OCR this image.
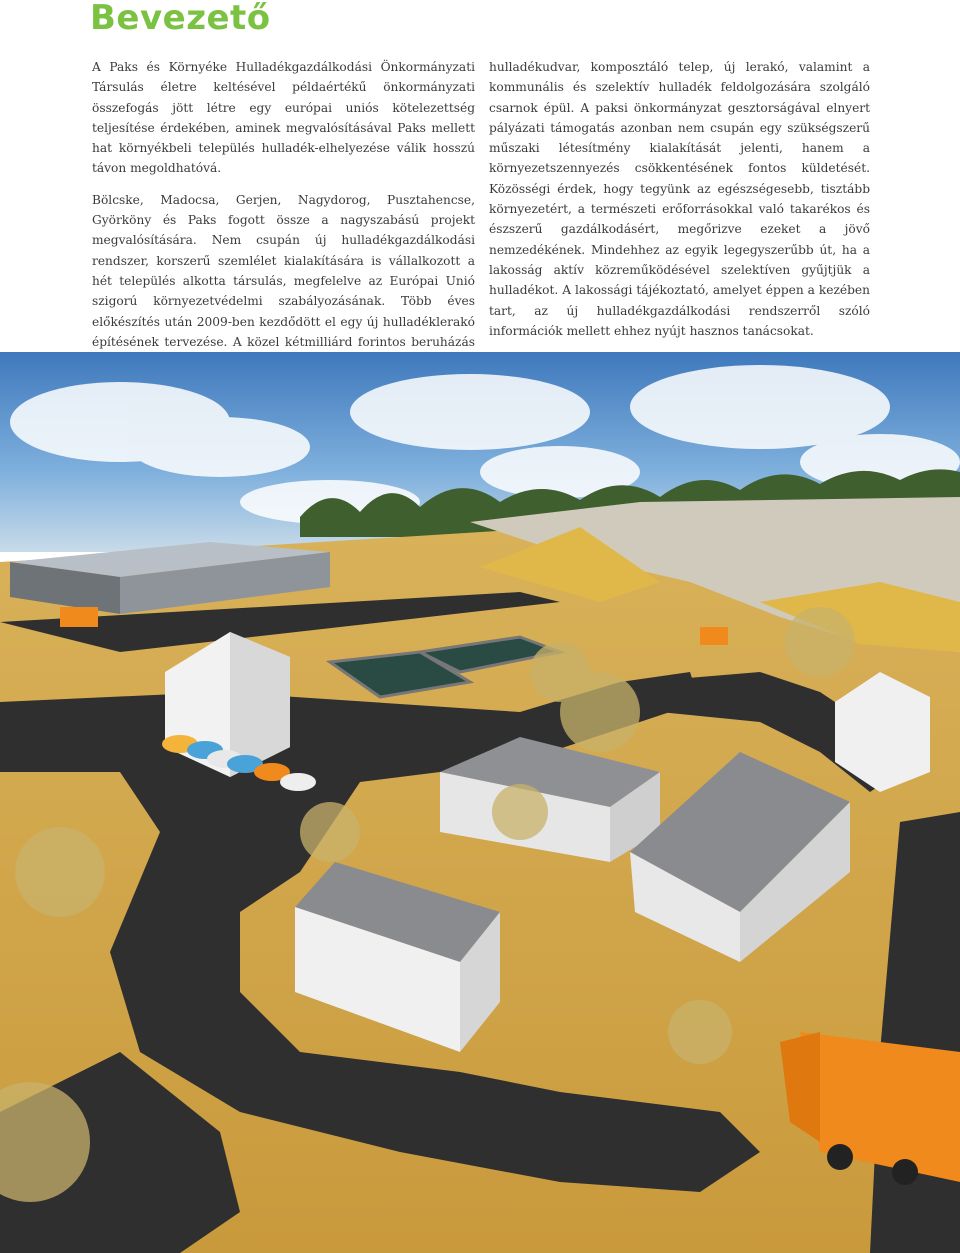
Bevezető

A Paks és Környéke Hulladékgazdálkodási Önkormányzati Társulás életre keltésével példaértékű önkormányzati összefogás jött létre egy európai uniós kötelezettség teljesítése érdekében, aminek megvalósításával Paks mellett hat környékbeli település hulladék-elhelyezése válik hosszú távon megoldhatóvá.

Bölcske, Madocsa, Gerjen, Nagydorog, Pusztahencse, Györköny és Paks fogott össze a nagyszabású projekt megvalósítására. Nem csupán új hulladékgazdálkodási rendszer, korszerű szemlélet kialakítására is vállalkozott a hét település alkotta társulás, megfelelve az Európai Unió szigorú környezetvédelmi szabályozásának. Több éves előkészítés után 2009-ben kezdődött el egy új hulladéklerakó építésének tervezése. A közel kétmilliárd forintos beruházás

hulladékudvar, komposztáló telep, új lerakó, valamint a kommunális és szelektív hulladék feldolgozására szolgáló csarnok épül. A paksi önkormányzat gesztorságával elnyert pályázati támogatás azonban nem csupán egy szükségszerű műszaki létesítmény kialakítását jelenti, hanem a környezetszennyezés csökkentésének fontos küldetését. Közösségi érdek, hogy tegyünk az egészségesebb, tisztább környezetért, a természeti erőforrásokkal való takarékos és észszerű gazdálkodásért, megőrizve ezeket a jövő nemzedékének. Mindehhez az egyik legegyszerűbb út, ha a lakosság aktív közreműködésével szelektíven gyűjtjük a hulladékot. A lakossági tájékoztató, amelyet éppen a kezében tart, az új hulladékgazdálkodási rendszerről szóló információk mellett ehhez nyújt hasznos tanácsokat.
